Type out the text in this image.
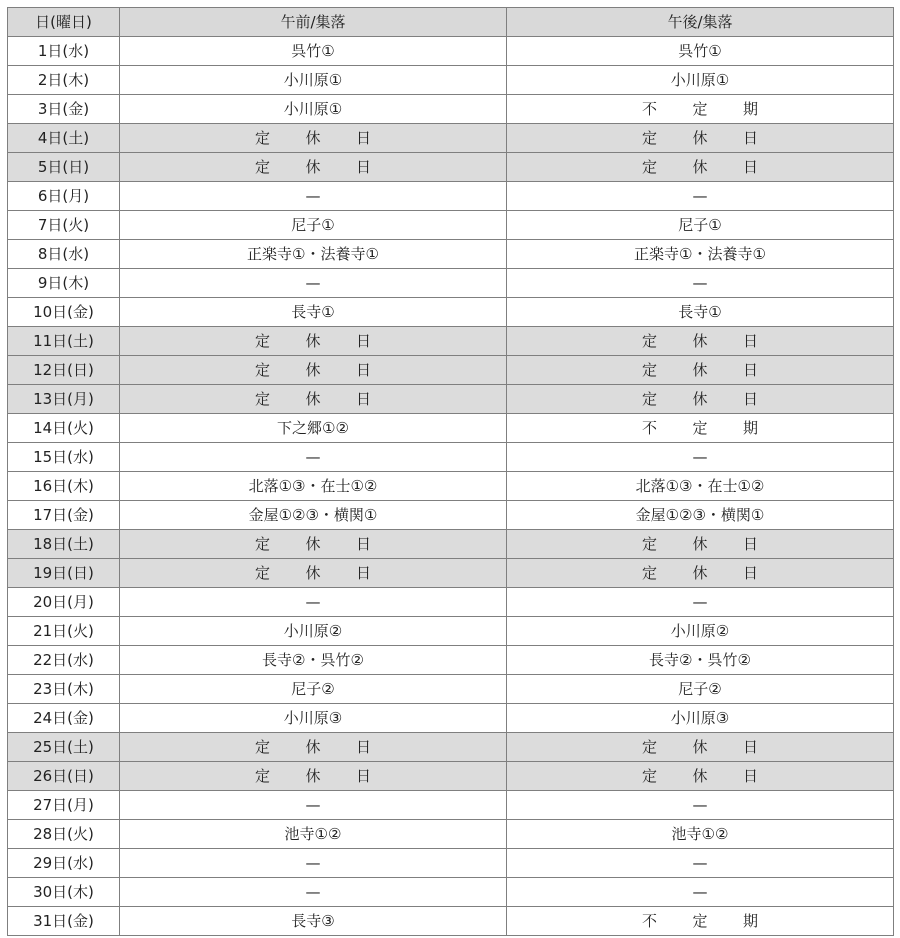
日(曜日)	午前/集落	午後/集落
1日(水)	呉竹①	呉竹①
2日(木)	小川原①	小川原①
3日(金)	小川原①	不 定 期

4日(土)	定 休 日	定 休 日

5日(日)	定 休 日	定 休 日

6日(月)	—	—
7日(火)	尼子①	尼子①
8日(水)	正楽寺①・法養寺①	正楽寺①・法養寺①
9日(木)	—	—
10日(金)	長寺①	長寺①
11日(土)	定 休 日	定 休 日

12日(日)	定 休 日	定 休 日

13日(月)	定 休 日	定 休 日

14日(火)	下之郷①②	不 定 期

15日(水)	—	—
16日(木)	北落①③・在士①②	北落①③・在士①②
17日(金)	金屋①②③・横関①	金屋①②③・横関①
18日(土)	定 休 日	定 休 日

19日(日)	定 休 日	定 休 日

20日(月)	—	—
21日(火)	小川原②	小川原②
22日(水)	長寺②・呉竹②	長寺②・呉竹②
23日(木)	尼子②	尼子②
24日(金)	小川原③	小川原③
25日(土)	定 休 日	定 休 日

26日(日)	定 休 日	定 休 日

27日(月)	—	—
28日(火)	池寺①②	池寺①②
29日(水)	—	—
30日(木)	—	—
31日(金)	長寺③	不 定 期
